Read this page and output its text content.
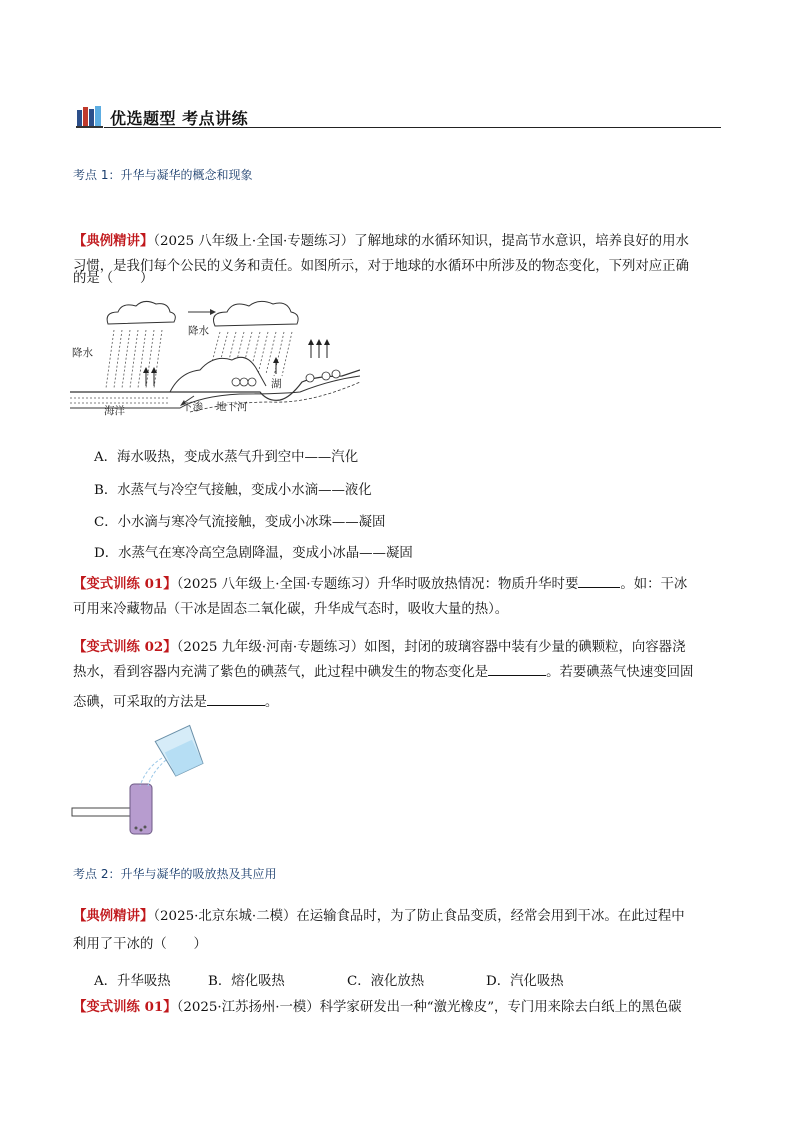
优选题型 考点讲练
考点 1：升华与凝华的概念和现象
【典例精讲】（2025 八年级上·全国·专题练习）了解地球的水循环知识，提高节水意识，培养良好的用水
习惯，是我们每个公民的义务和责任。如图所示，对于地球的水循环中所涉及的物态变化，下列对应正确
的是（　　）
降水
降水
海洋
湖
下渗 地下河
A．海水吸热，变成水蒸气升到空中——汽化
B．水蒸气与冷空气接触，变成小水滴——液化
C．小水滴与寒冷气流接触，变成小冰珠——凝固
D．水蒸气在寒冷高空急剧降温，变成小冰晶——凝固
【变式训练 01】（2025 八年级上·全国·专题练习）升华时吸放热情况：物质升华时要	。如：干冰
可用来冷藏物品（干冰是固态二氧化碳，升华成气态时，吸收大量的热）。
【变式训练 02】（2025 九年级·河南·专题练习）如图，封闭的玻璃容器中装有少量的碘颗粒，向容器浇
热水，看到容器内充满了紫色的碘蒸气，此过程中碘发生的物态变化是	。若要碘蒸气快速变回固
态碘，可采取的方法是	。
考点 2：升华与凝华的吸放热及其应用
【典例精讲】（2025·北京东城·二模）在运输食品时，为了防止食品变质，经常会用到干冰。在此过程中
利用了干冰的（　　）
A．升华吸热	B．熔化吸热	C．液化放热	D．汽化吸热
【变式训练 01】（2025·江苏扬州·一模）科学家研发出一种“激光橡皮”，专门用来除去白纸上的黑色碳
